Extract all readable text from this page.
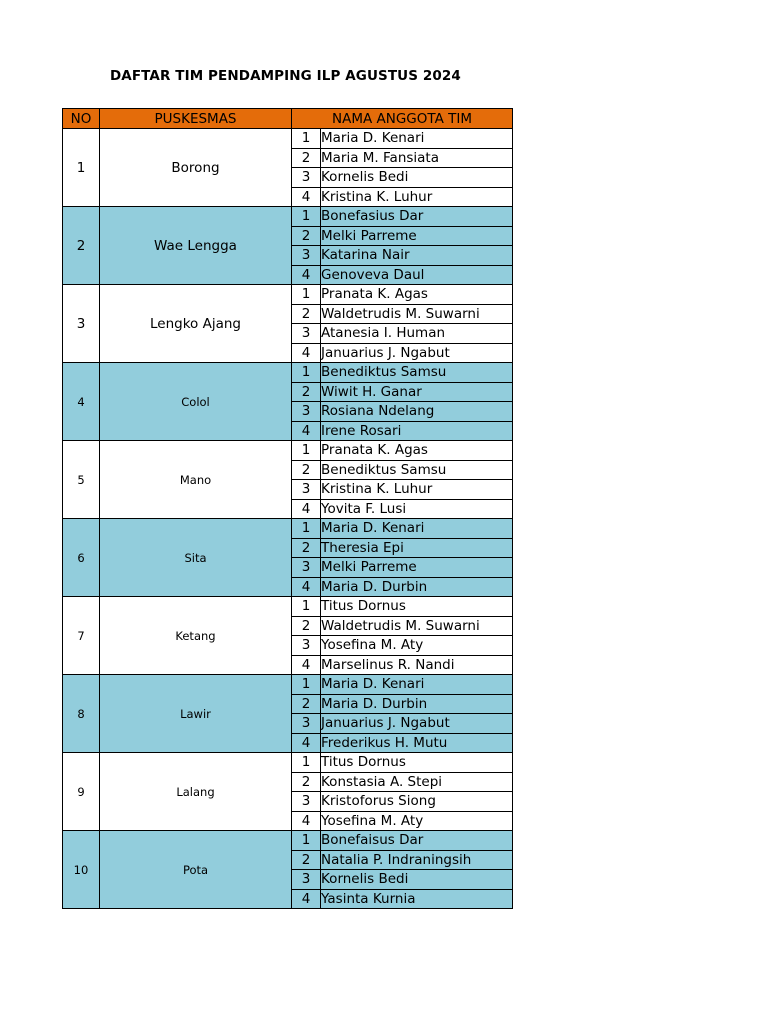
DAFTAR TIM PENDAMPING ILP AGUSTUS 2024
NO	PUSKESMAS	NAMA ANGGOTA TIM	
1	Borong	1	Maria D. Kenari
		2	Maria M. Fansiata
		3	Kornelis Bedi
		4	Kristina K. Luhur
2	Wae Lengga	1	Bonefasius Dar
		2	Melki Parreme
		3	Katarina Nair
		4	Genoveva Daul
3	Lengko Ajang	1	Pranata K. Agas
		2	Waldetrudis M. Suwarni
		3	Atanesia I. Human
		4	Januarius J. Ngabut
4	Colol	1	Benediktus Samsu
		2	Wiwit H. Ganar
		3	Rosiana Ndelang
		4	Irene Rosari
5	Mano	1	Pranata K. Agas
		2	Benediktus Samsu
		3	Kristina K. Luhur
		4	Yovita F. Lusi
6	Sita	1	Maria D. Kenari
		2	Theresia Epi
		3	Melki Parreme
		4	Maria D. Durbin
7	Ketang	1	Titus Dornus
		2	Waldetrudis M. Suwarni
		3	Yosefina M. Aty
		4	Marselinus R. Nandi
8	Lawir	1	Maria D. Kenari
		2	Maria D. Durbin
		3	Januarius J. Ngabut
		4	Frederikus H. Mutu
9	Lalang	1	Titus Dornus
		2	Konstasia A. Stepi
		3	Kristoforus Siong
		4	Yosefina M. Aty
10	Pota	1	Bonefaisus Dar
		2	Natalia P. Indraningsih
		3	Kornelis Bedi
		4	Yasinta Kurnia
